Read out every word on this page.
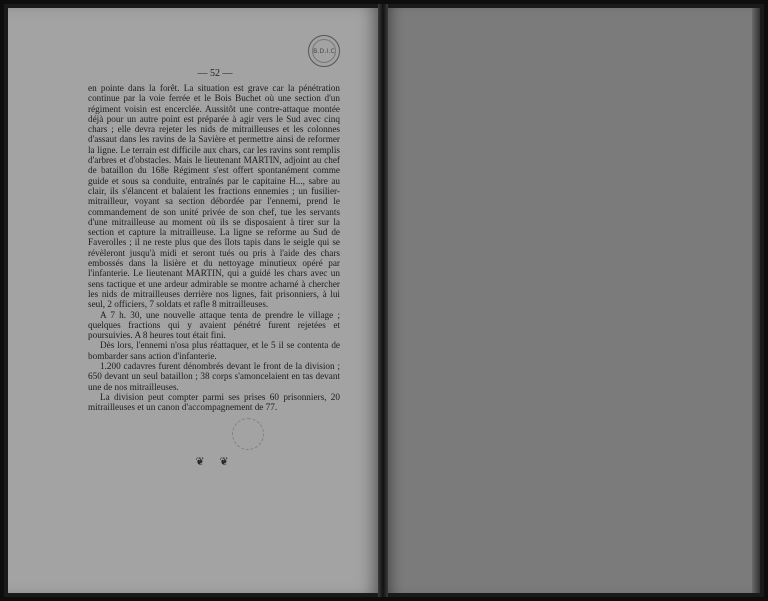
B.D.I.C
— 52 —

en pointe dans la forêt. La situation est grave car la pénétration continue par la voie ferrée et le Bois Buchet où une section d'un régiment voisin est encerclée. Aussitôt une contre-attaque montée déjà pour un autre point est préparée à agir vers le Sud avec cinq chars ; elle devra rejeter les nids de mitrailleuses et les colonnes d'assaut dans les ravins de la Savière et permettre ainsi de reformer la ligne. Le terrain est difficile aux chars, car les ravins sont remplis d'arbres et d'obstacles. Mais le lieutenant MARTIN, adjoint au chef de bataillon du 168e Régiment s'est offert spontanément comme guide et sous sa conduite, entraînés par le capitaine H..., sabre au clair, ils s'élancent et balaient les fractions ennemies ; un fusilier-mitrailleur, voyant sa section débordée par l'ennemi, prend le commandement de son unité privée de son chef, tue les servants d'une mitrailleuse au moment où ils se disposaient à tirer sur la section et capture la mitrailleuse. La ligne se reforme au Sud de Faverolles ; il ne reste plus que des îlots tapis dans le seigle qui se révèleront jusqu'à midi et seront tués ou pris à l'aide des chars embossés dans la lisière et du nettoyage minutieux opéré par l'infanterie. Le lieutenant MARTIN, qui a guidé les chars avec un sens tactique et une ardeur admirable se montre acharné à chercher les nids de mitrailleuses derrière nos lignes, fait prisonniers, à lui seul, 2 officiers, 7 soldats et rafle 8 mitrailleuses.

A 7 h. 30, une nouvelle attaque tenta de prendre le village ; quelques fractions qui y avaient pénétré furent rejetées et poursuivies. A 8 heures tout était fini.

Dès lors, l'ennemi n'osa plus réattaquer, et le 5 il se contenta de bombarder sans action d'infanterie.

1.200 cadavres furent dénombrés devant le front de la division ; 650 devant un seul bataillon ; 38 corps s'amoncelaient en tas devant une de nos mitrailleuses.

La division peut compter parmi ses prises 60 prisonniers, 20 mitrailleuses et un canon d'accompagnement de 77.

❦ ❦
